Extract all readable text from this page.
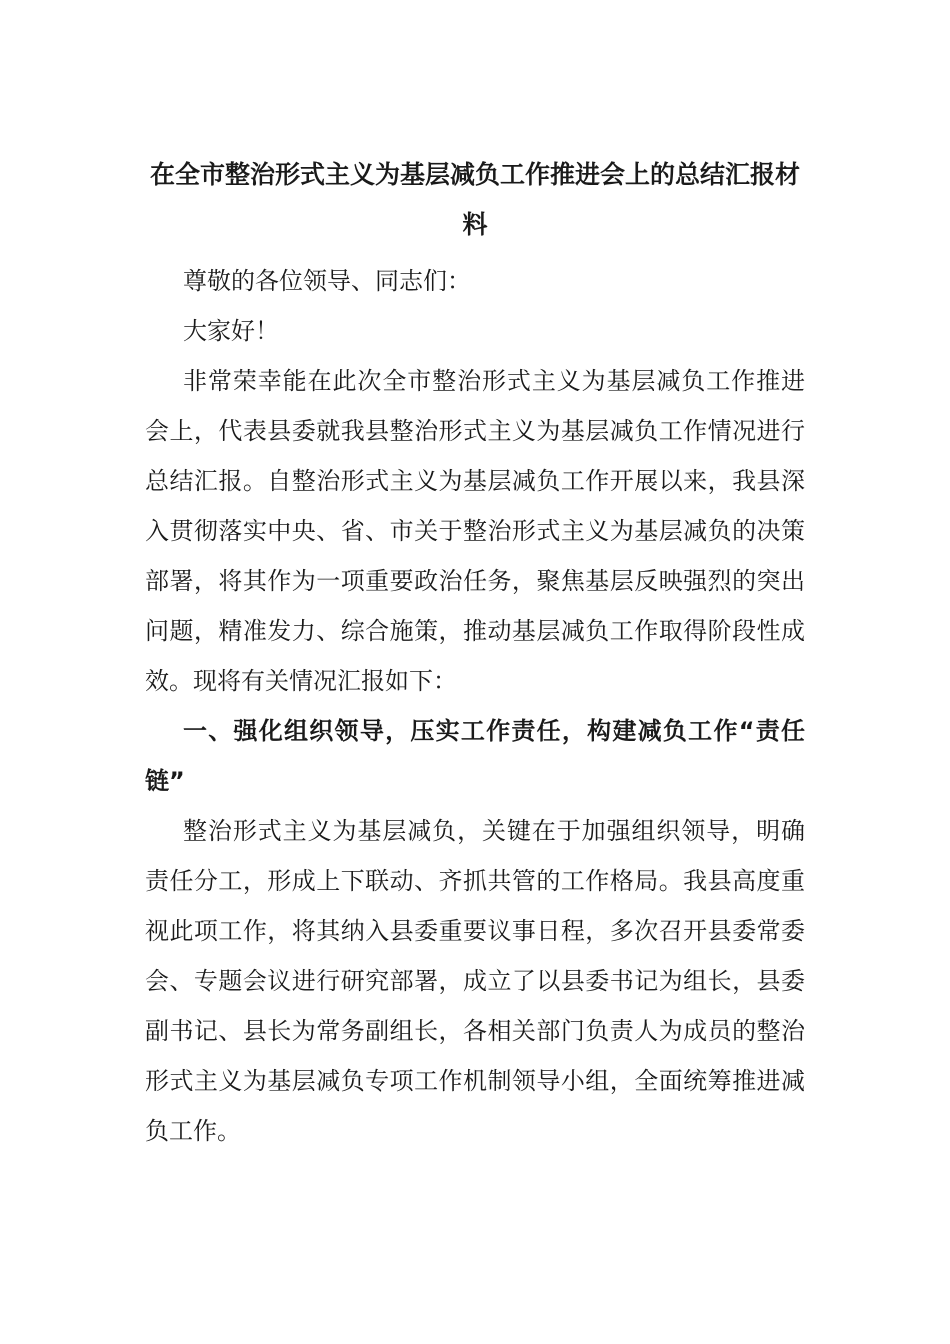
在全市整治形式主义为基层减负工作推进会上的总结汇报材料

尊敬的各位领导、同志们：

大家好！

非常荣幸能在此次全市整治形式主义为基层减负工作推进会上，代表县委就我县整治形式主义为基层减负工作情况进行总结汇报。自整治形式主义为基层减负工作开展以来，我县深入贯彻落实中央、省、市关于整治形式主义为基层减负的决策部署，将其作为一项重要政治任务，聚焦基层反映强烈的突出问题，精准发力、综合施策，推动基层减负工作取得阶段性成效。现将有关情况汇报如下：

一、强化组织领导，压实工作责任，构建减负工作“责任链”

整治形式主义为基层减负，关键在于加强组织领导，明确责任分工，形成上下联动、齐抓共管的工作格局。我县高度重视此项工作，将其纳入县委重要议事日程，多次召开县委常委会、专题会议进行研究部署，成立了以县委书记为组长，县委副书记、县长为常务副组长，各相关部门负责人为成员的整治形式主义为基层减负专项工作机制领导小组，全面统筹推进减负工作。
